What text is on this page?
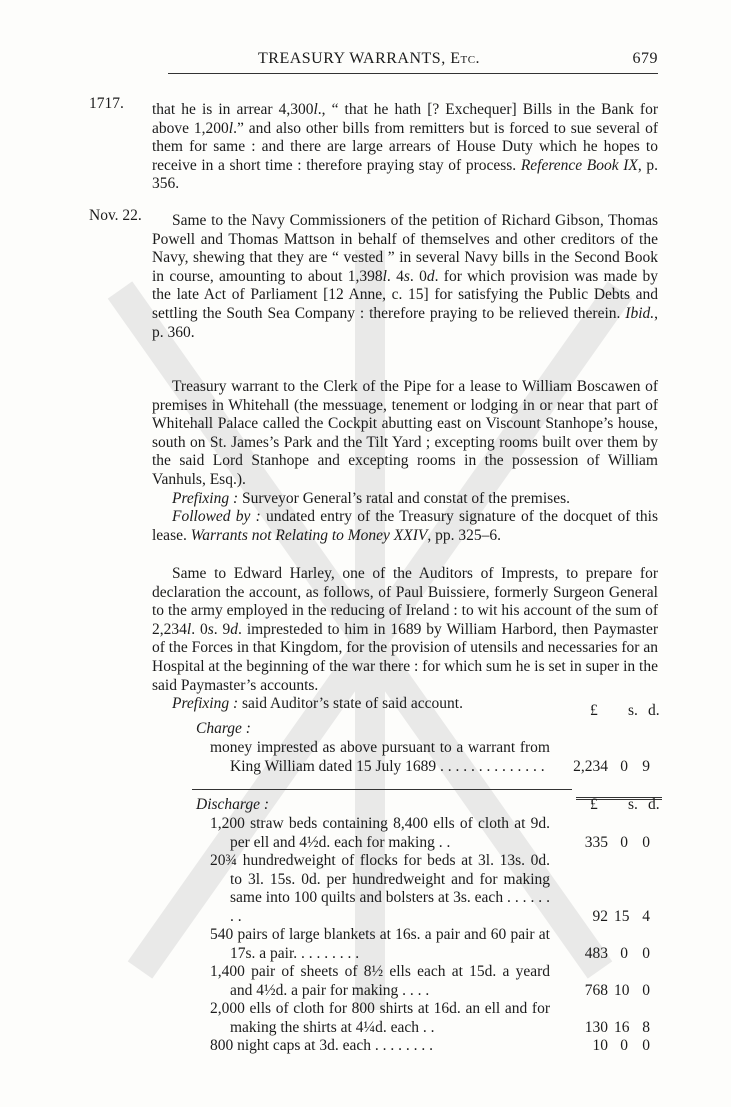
TREASURY WARRANTS, Etc.	679
1717.
Nov. 22.

that he is in arrear 4,300l., “ that he hath [? Exchequer] Bills in the Bank for above 1,200l.” and also other bills from remitters but is forced to sue several of them for same : and there are large arrears of House Duty which he hopes to receive in a short time : therefore praying stay of process. Reference Book IX, p. 356.

Same to the Navy Commissioners of the petition of Richard Gibson, Thomas Powell and Thomas Mattson in behalf of themselves and other creditors of the Navy, shewing that they are “ vested ” in several Navy bills in the Second Book in course, amounting to about 1,398l. 4s. 0d. for which provision was made by the late Act of Parliament [12 Anne, c. 15] for satisfying the Public Debts and settling the South Sea Company : therefore praying to be relieved therein. Ibid., p. 360.

Treasury warrant to the Clerk of the Pipe for a lease to William Boscawen of premises in Whitehall (the messuage, tenement or lodging in or near that part of Whitehall Palace called the Cockpit abutting east on Viscount Stanhope’s house, south on St. James’s Park and the Tilt Yard ; excepting rooms built over them by the said Lord Stanhope and excepting rooms in the possession of William Vanhuls, Esq.).

Prefixing : Surveyor General’s ratal and constat of the premises.

Followed by : undated entry of the Treasury signature of the docquet of this lease. Warrants not Relating to Money XXIV, pp. 325–6.

Same to Edward Harley, one of the Auditors of Imprests, to prepare for declaration the account, as follows, of Paul Buissiere, formerly Surgeon General to the army employed in the reducing of Ireland : to wit his account of the sum of 2,234l. 0s. 9d. impresteded to him in 1689 by William Harbord, then Paymaster of the Forces in that Kingdom, for the provision of utensils and necessaries for an Hospital at the beginning of the war there : for which sum he is set in super in the said Paymaster’s accounts.

Prefixing : said Auditor’s state of said account.	£ s. d.
Charge :
money imprested as above pursuant to a warrant from King William dated 15 July 1689 . . . . . . . . . . . . . .	2,234 0 9
Discharge :	£ s. d.
1,200 straw beds containing 8,400 ells of cloth at 9d. per ell and 4½d. each for making . .	335 0 0
20¾ hundredweight of flocks for beds at 3l. 13s. 0d. to 3l. 15s. 0d. per hundredweight and for making same into 100 quilts and bolsters at 3s. each . . . . . . . .	92 15 4
540 pairs of large blankets at 16s. a pair and 60 pair at 17s. a pair. . . . . . . . .	483 0 0
1,400 pair of sheets of 8½ ells each at 15d. a yeard and 4½d. a pair for making . . . .	768 10 0
2,000 ells of cloth for 800 shirts at 16d. an ell and for making the shirts at 4¼d. each . .	130 16 8
800 night caps at 3d. each . . . . . . . .	10 0 0
